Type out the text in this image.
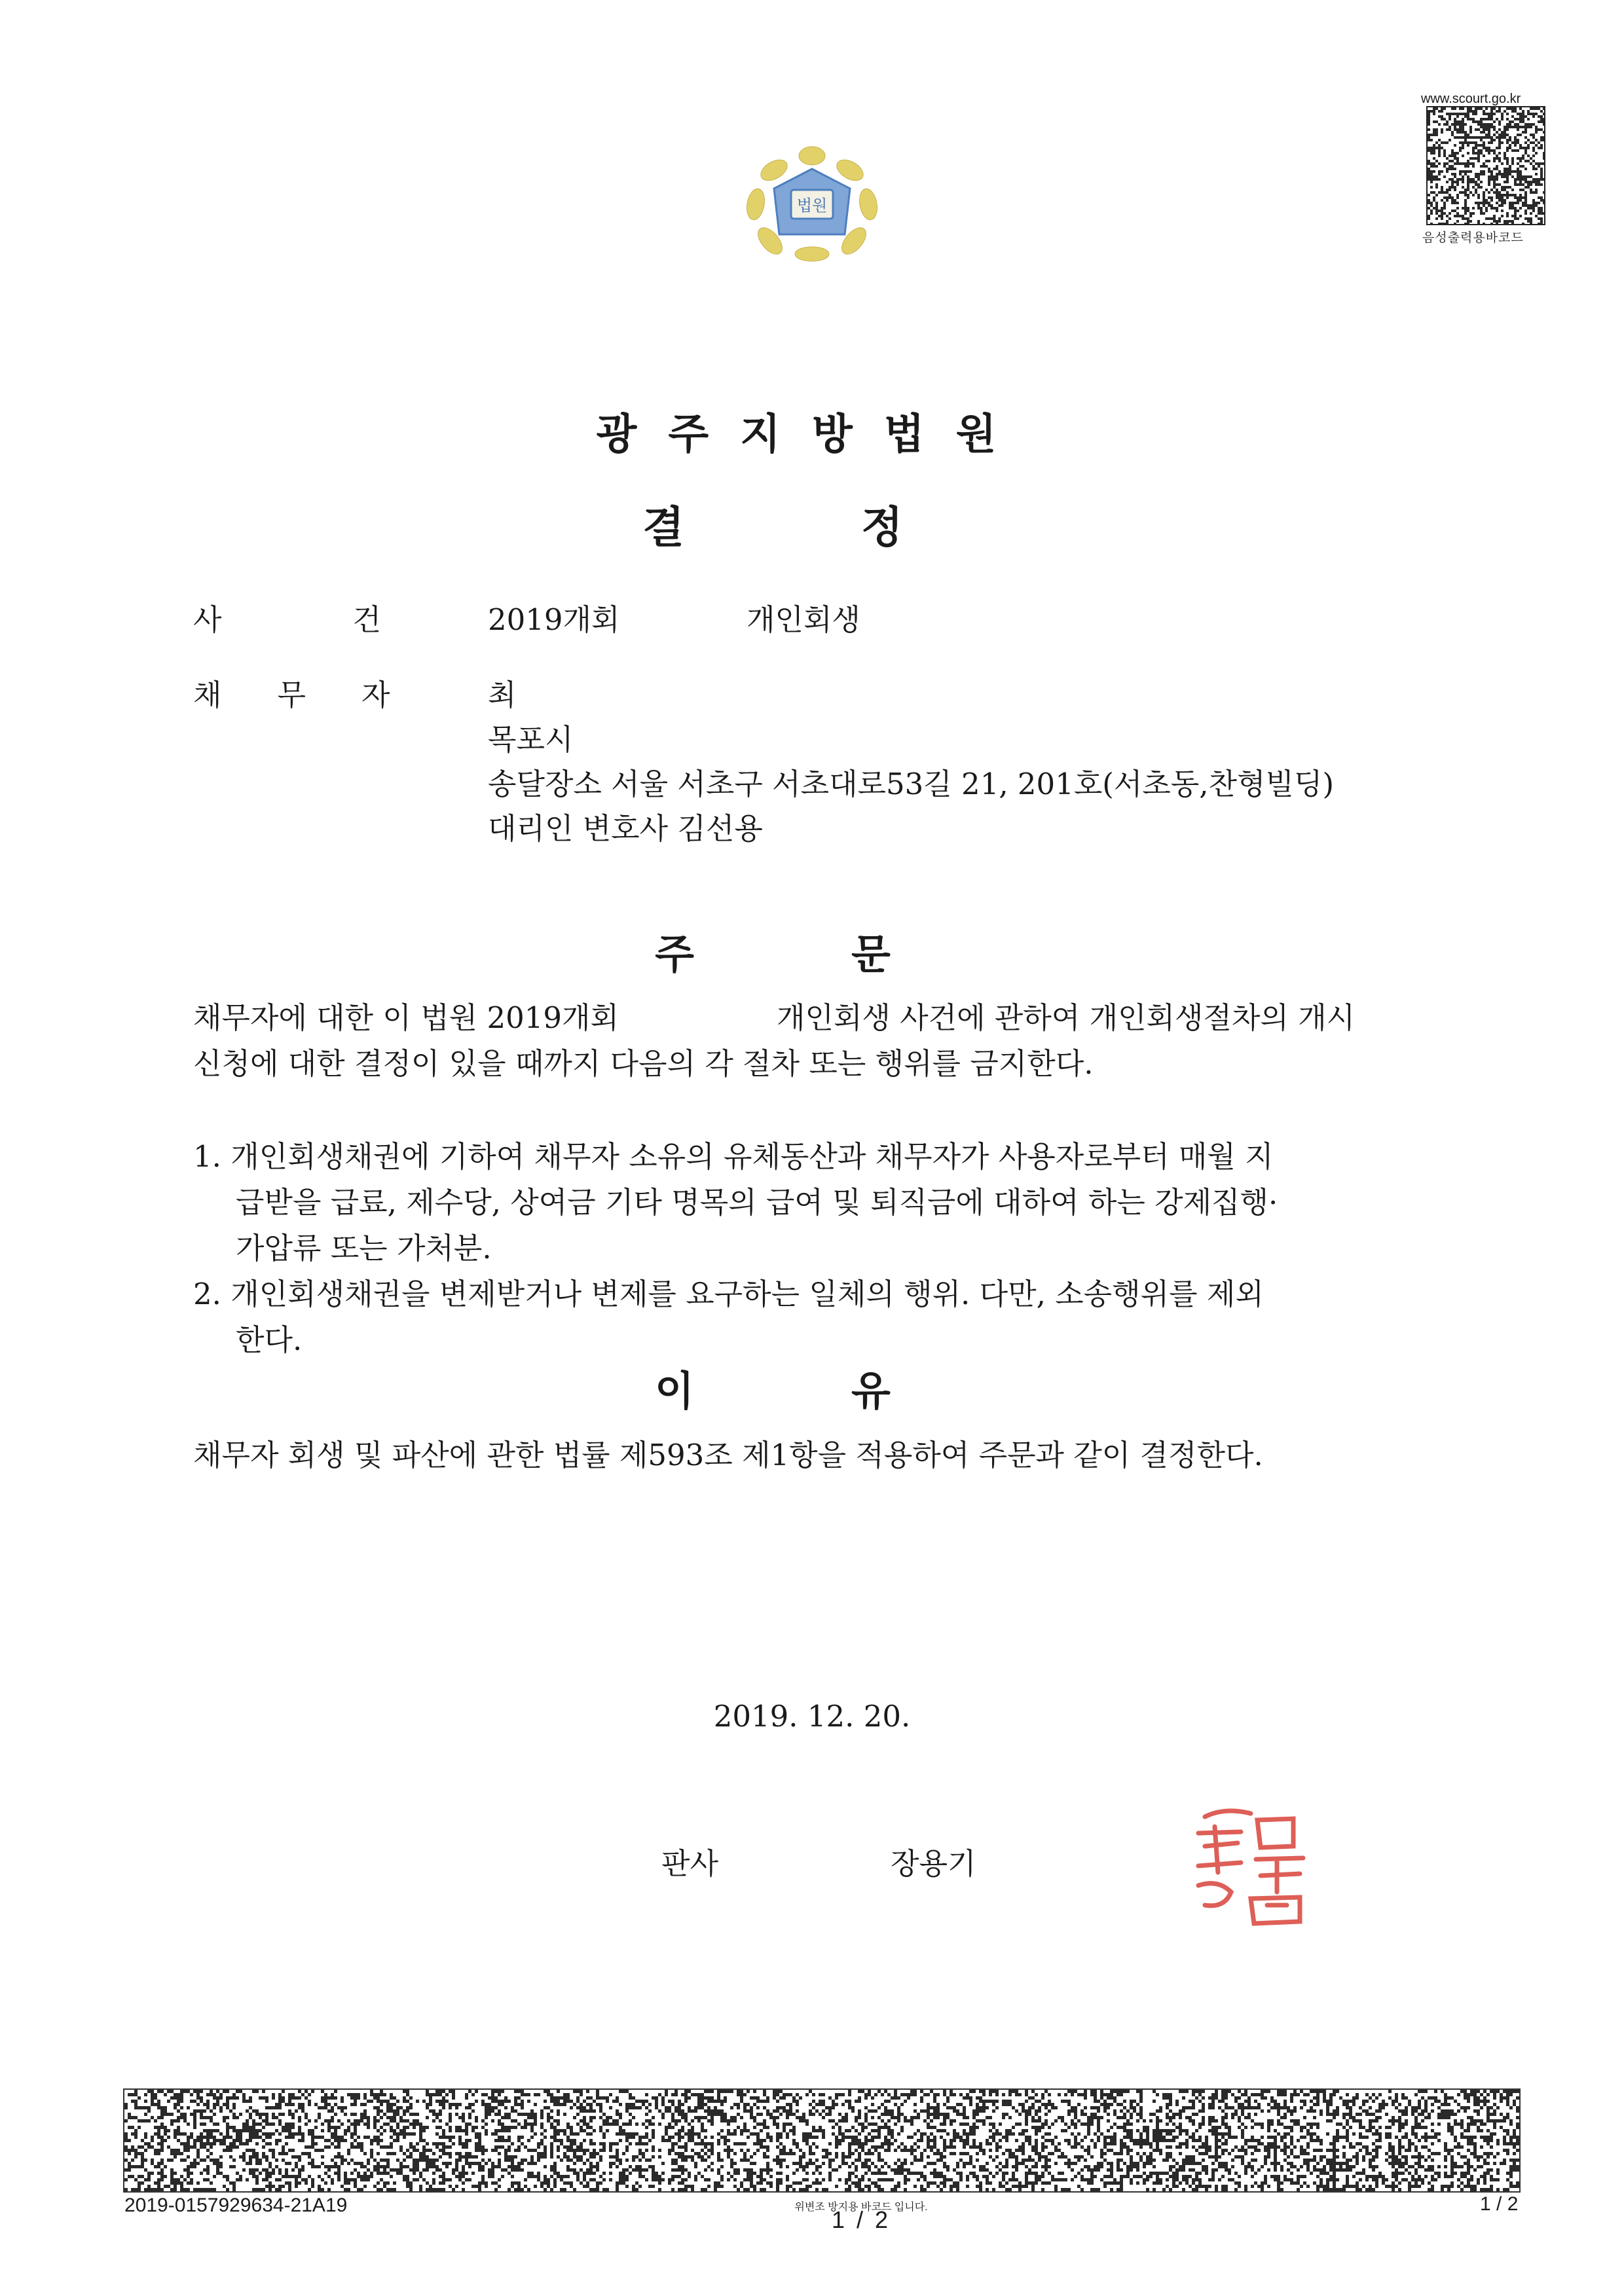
법원
www.scourt.go.kr
음성출력용바코드
광주지방법원
결정
사건
2019개회	개인회생
채무자 최
목포시
송달장소 서울 서초구 서초대로53길 21, 201호(서초동,찬형빌딩)
대리인 변호사 김선용
주문
채무자에 대한 이 법원 2019개회	개인회생 사건에 관하여 개인회생절차의 개시
신청에 대한 결정이 있을 때까지 다음의 각 절차 또는 행위를 금지한다.
1. 개인회생채권에 기하여 채무자 소유의 유체동산과 채무자가 사용자로부터 매월 지
급받을 급료, 제수당, 상여금 기타 명목의 급여 및 퇴직금에 대하여 하는 강제집행·
가압류 또는 가처분.
2. 개인회생채권을 변제받거나 변제를 요구하는 일체의 행위. 다만, 소송행위를 제외
한다.
이유
채무자 회생 및 파산에 관한 법률 제593조 제1항을 적용하여 주문과 같이 결정한다.
2019. 12. 20.
판사	장용기
2019-0157929634-21A19	위변조 방지용 바코드 입니다.
1 / 2
1 / 2
